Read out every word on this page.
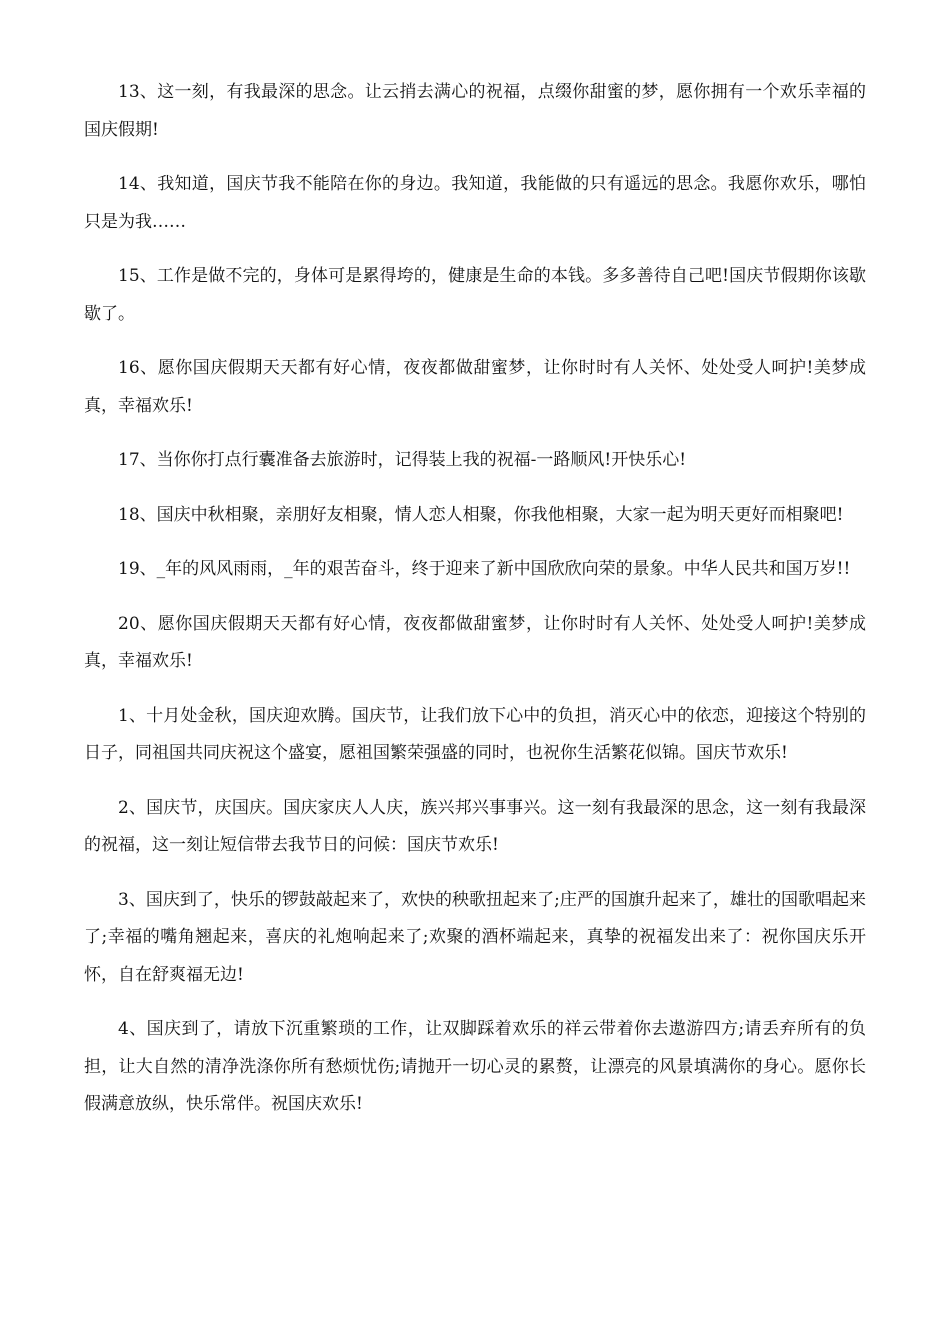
13、这一刻，有我最深的思念。让云捎去满心的祝福，点缀你甜蜜的梦，愿你拥有一个欢乐幸福的国庆假期!

14、我知道，国庆节我不能陪在你的身边。我知道，我能做的只有遥远的思念。我愿你欢乐，哪怕只是为我……

15、工作是做不完的，身体可是累得垮的，健康是生命的本钱。多多善待自己吧!国庆节假期你该歇歇了。

16、愿你国庆假期天天都有好心情，夜夜都做甜蜜梦，让你时时有人关怀、处处受人呵护!美梦成真，幸福欢乐!

17、当你你打点行囊准备去旅游时，记得装上我的祝福-一路顺风!开快乐心!

18、国庆中秋相聚，亲朋好友相聚，情人恋人相聚，你我他相聚，大家一起为明天更好而相聚吧!

19、_年的风风雨雨，_年的艰苦奋斗，终于迎来了新中国欣欣向荣的景象。中华人民共和国万岁!!

20、愿你国庆假期天天都有好心情，夜夜都做甜蜜梦，让你时时有人关怀、处处受人呵护!美梦成真，幸福欢乐!

1、十月处金秋，国庆迎欢腾。国庆节，让我们放下心中的负担，消灭心中的依恋，迎接这个特别的日子，同祖国共同庆祝这个盛宴，愿祖国繁荣强盛的同时，也祝你生活繁花似锦。国庆节欢乐!

2、国庆节，庆国庆。国庆家庆人人庆，族兴邦兴事事兴。这一刻有我最深的思念，这一刻有我最深的祝福，这一刻让短信带去我节日的问候：国庆节欢乐!

3、国庆到了，快乐的锣鼓敲起来了，欢快的秧歌扭起来了;庄严的国旗升起来了，雄壮的国歌唱起来了;幸福的嘴角翘起来，喜庆的礼炮响起来了;欢聚的酒杯端起来，真挚的祝福发出来了：祝你国庆乐开怀，自在舒爽福无边!

4、国庆到了，请放下沉重繁琐的工作，让双脚踩着欢乐的祥云带着你去遨游四方;请丢弃所有的负担，让大自然的清净洗涤你所有愁烦忧伤;请抛开一切心灵的累赘，让漂亮的风景填满你的身心。愿你长假满意放纵，快乐常伴。祝国庆欢乐!
